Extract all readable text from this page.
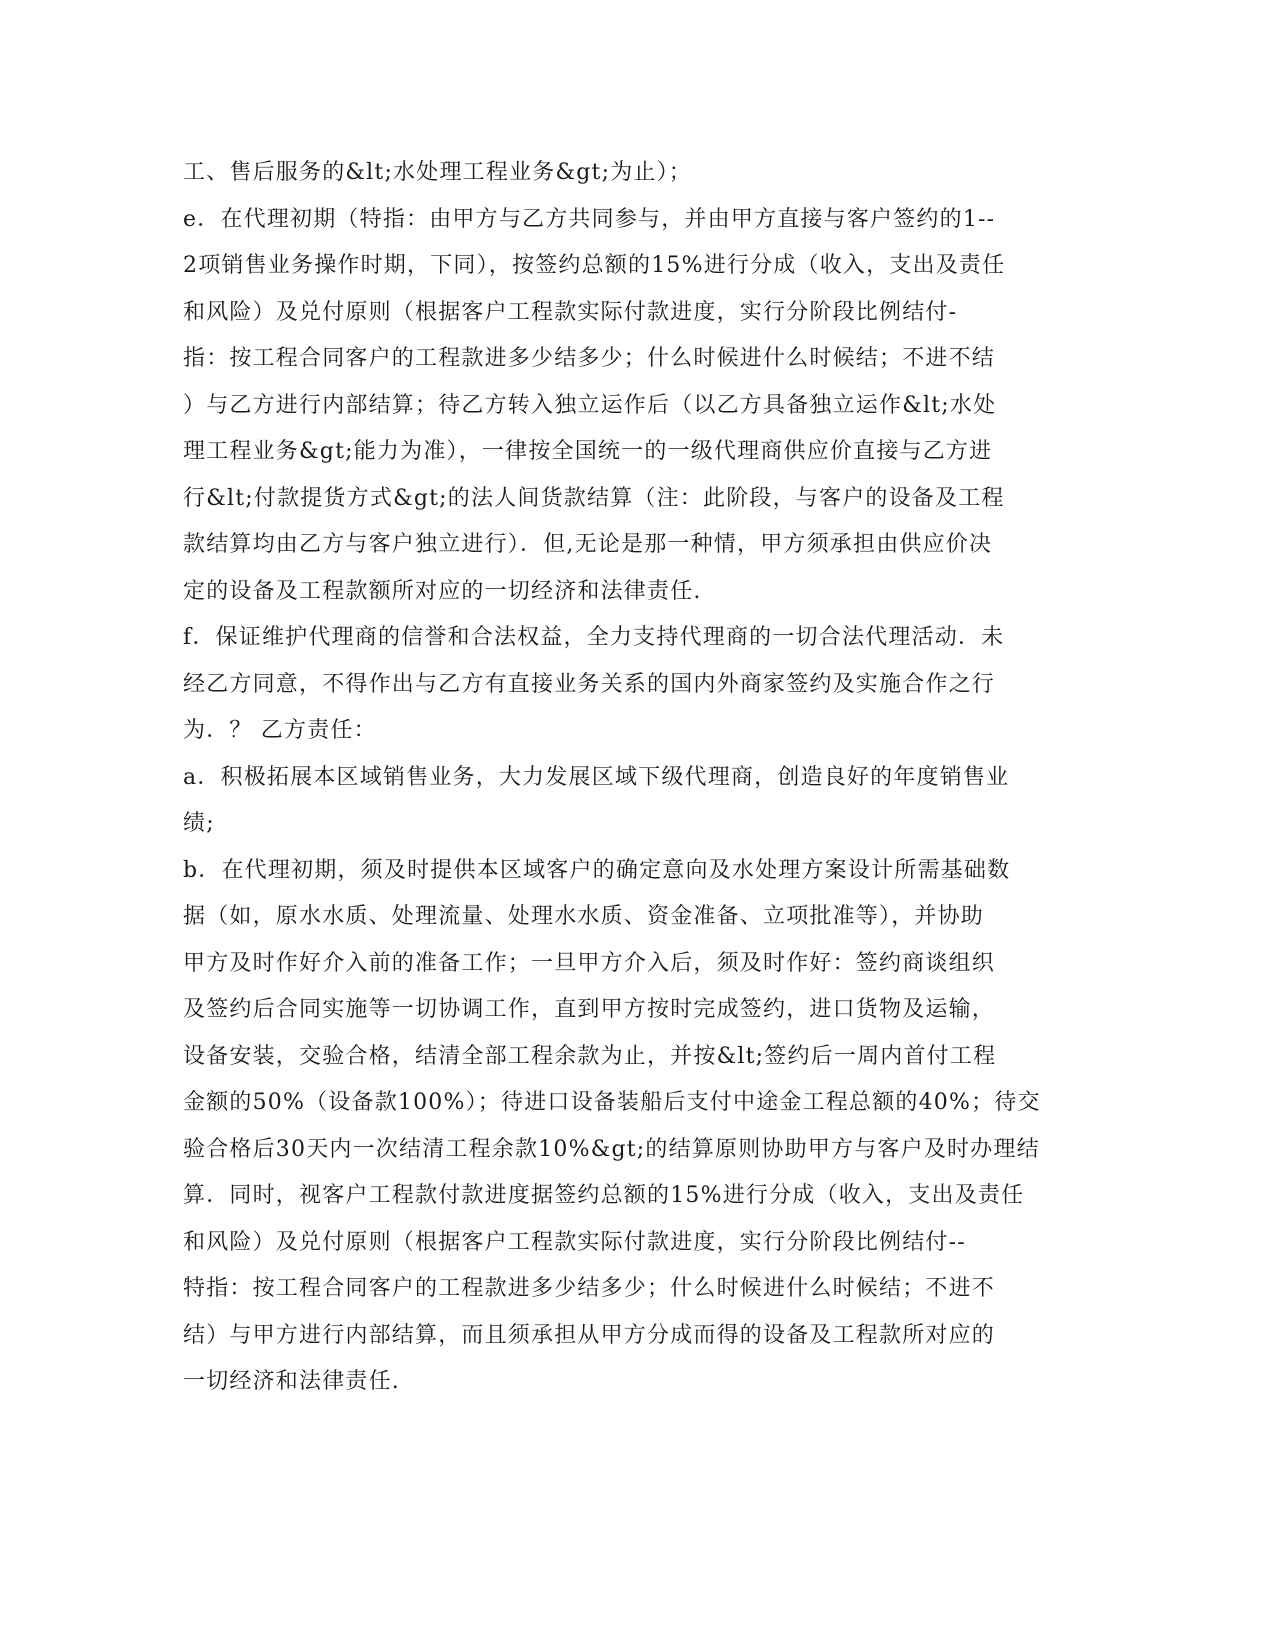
工、售后服务的&lt;水处理工程业务&gt;为止）；
e．在代理初期（特指：由甲方与乙方共同参与，并由甲方直接与客户签约的1--
2项销售业务操作时期，下同），按签约总额的15%进行分成（收入，支出及责任
和风险）及兑付原则（根据客户工程款实际付款进度，实行分阶段比例结付-
指：按工程合同客户的工程款进多少结多少；什么时候进什么时候结；不进不结
）与乙方进行内部结算；待乙方转入独立运作后（以乙方具备独立运作&lt;水处
理工程业务&gt;能力为准），一律按全国统一的一级代理商供应价直接与乙方进
行&lt;付款提货方式&gt;的法人间货款结算（注：此阶段，与客户的设备及工程
款结算均由乙方与客户独立进行）．但,无论是那一种情，甲方须承担由供应价决
定的设备及工程款额所对应的一切经济和法律责任.
f．保证维护代理商的信誉和合法权益，全力支持代理商的一切合法代理活动．未
经乙方同意，不得作出与乙方有直接业务关系的国内外商家签约及实施合作之行
为．？ 乙方责任：
a．积极拓展本区域销售业务，大力发展区域下级代理商，创造良好的年度销售业
绩;
b．在代理初期，须及时提供本区域客户的确定意向及水处理方案设计所需基础数
据（如，原水水质、处理流量、处理水水质、资金准备、立项批准等），并协助
甲方及时作好介入前的准备工作；一旦甲方介入后，须及时作好：签约商谈组织
及签约后合同实施等一切协调工作，直到甲方按时完成签约，进口货物及运输，
设备安装，交验合格，结清全部工程余款为止，并按&lt;签约后一周内首付工程
金额的50%（设备款100%）；待进口设备装船后支付中途金工程总额的40%；待交
验合格后30天内一次结清工程余款10%&gt;的结算原则协助甲方与客户及时办理结
算．同时，视客户工程款付款进度据签约总额的15%进行分成（收入，支出及责任
和风险）及兑付原则（根据客户工程款实际付款进度，实行分阶段比例结付--
特指：按工程合同客户的工程款进多少结多少；什么时候进什么时候结；不进不
结）与甲方进行内部结算，而且须承担从甲方分成而得的设备及工程款所对应的
一切经济和法律责任.
